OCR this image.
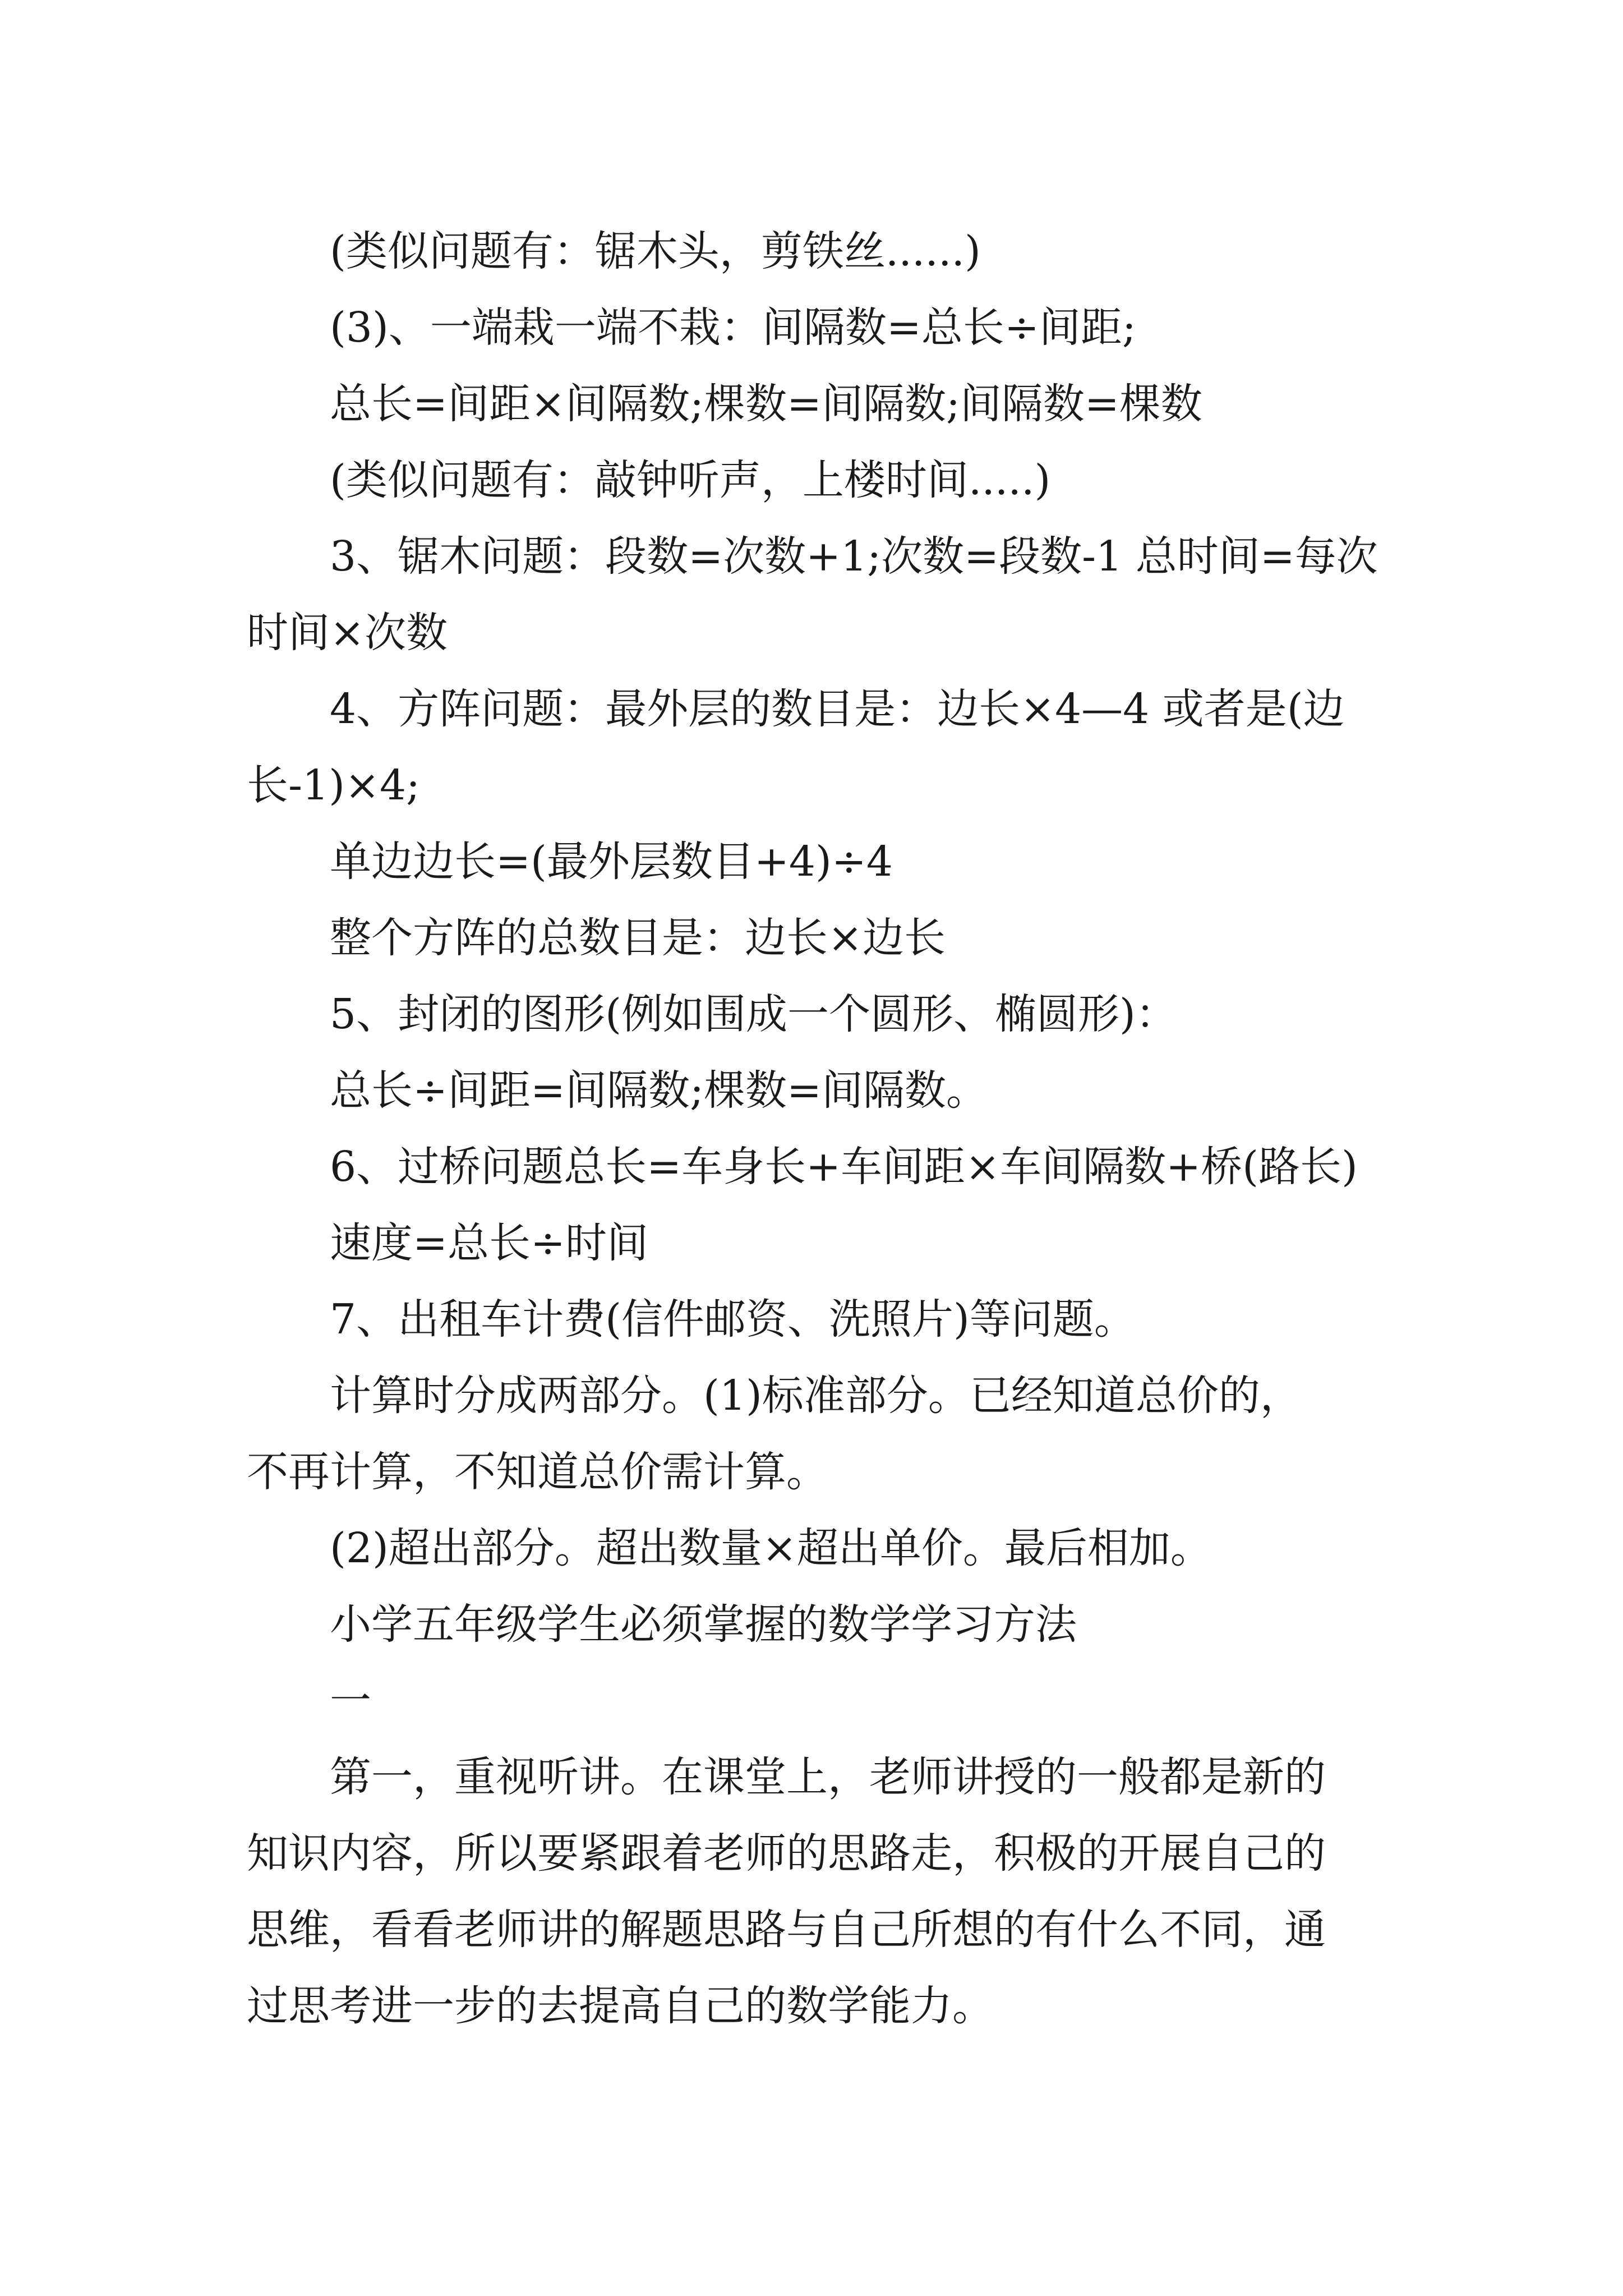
(类似问题有：锯木头，剪铁丝......)
(3)、一端栽一端不栽：间隔数=总长÷间距;
总长=间距×间隔数;棵数=间隔数;间隔数=棵数
(类似问题有：敲钟听声，上楼时间.....)
3、锯木问题：段数=次数+1;次数=段数-1 总时间=每次
时间×次数
4、方阵问题：最外层的数目是：边长×4—4 或者是(边
长-1)×4;
单边边长=(最外层数目+4)÷4
整个方阵的总数目是：边长×边长
5、封闭的图形(例如围成一个圆形、椭圆形)：
总长÷间距=间隔数;棵数=间隔数。
6、过桥问题总长=车身长+车间距×车间隔数+桥(路长)
速度=总长÷时间
7、出租车计费(信件邮资、洗照片)等问题。
计算时分成两部分。(1)标准部分。已经知道总价的，
不再计算，不知道总价需计算。
(2)超出部分。超出数量×超出单价。最后相加。
小学五年级学生必须掌握的数学学习方法
一
第一，重视听讲。在课堂上，老师讲授的一般都是新的
知识内容，所以要紧跟着老师的思路走，积极的开展自己的
思维，看看老师讲的解题思路与自己所想的有什么不同，通
过思考进一步的去提高自己的数学能力。
